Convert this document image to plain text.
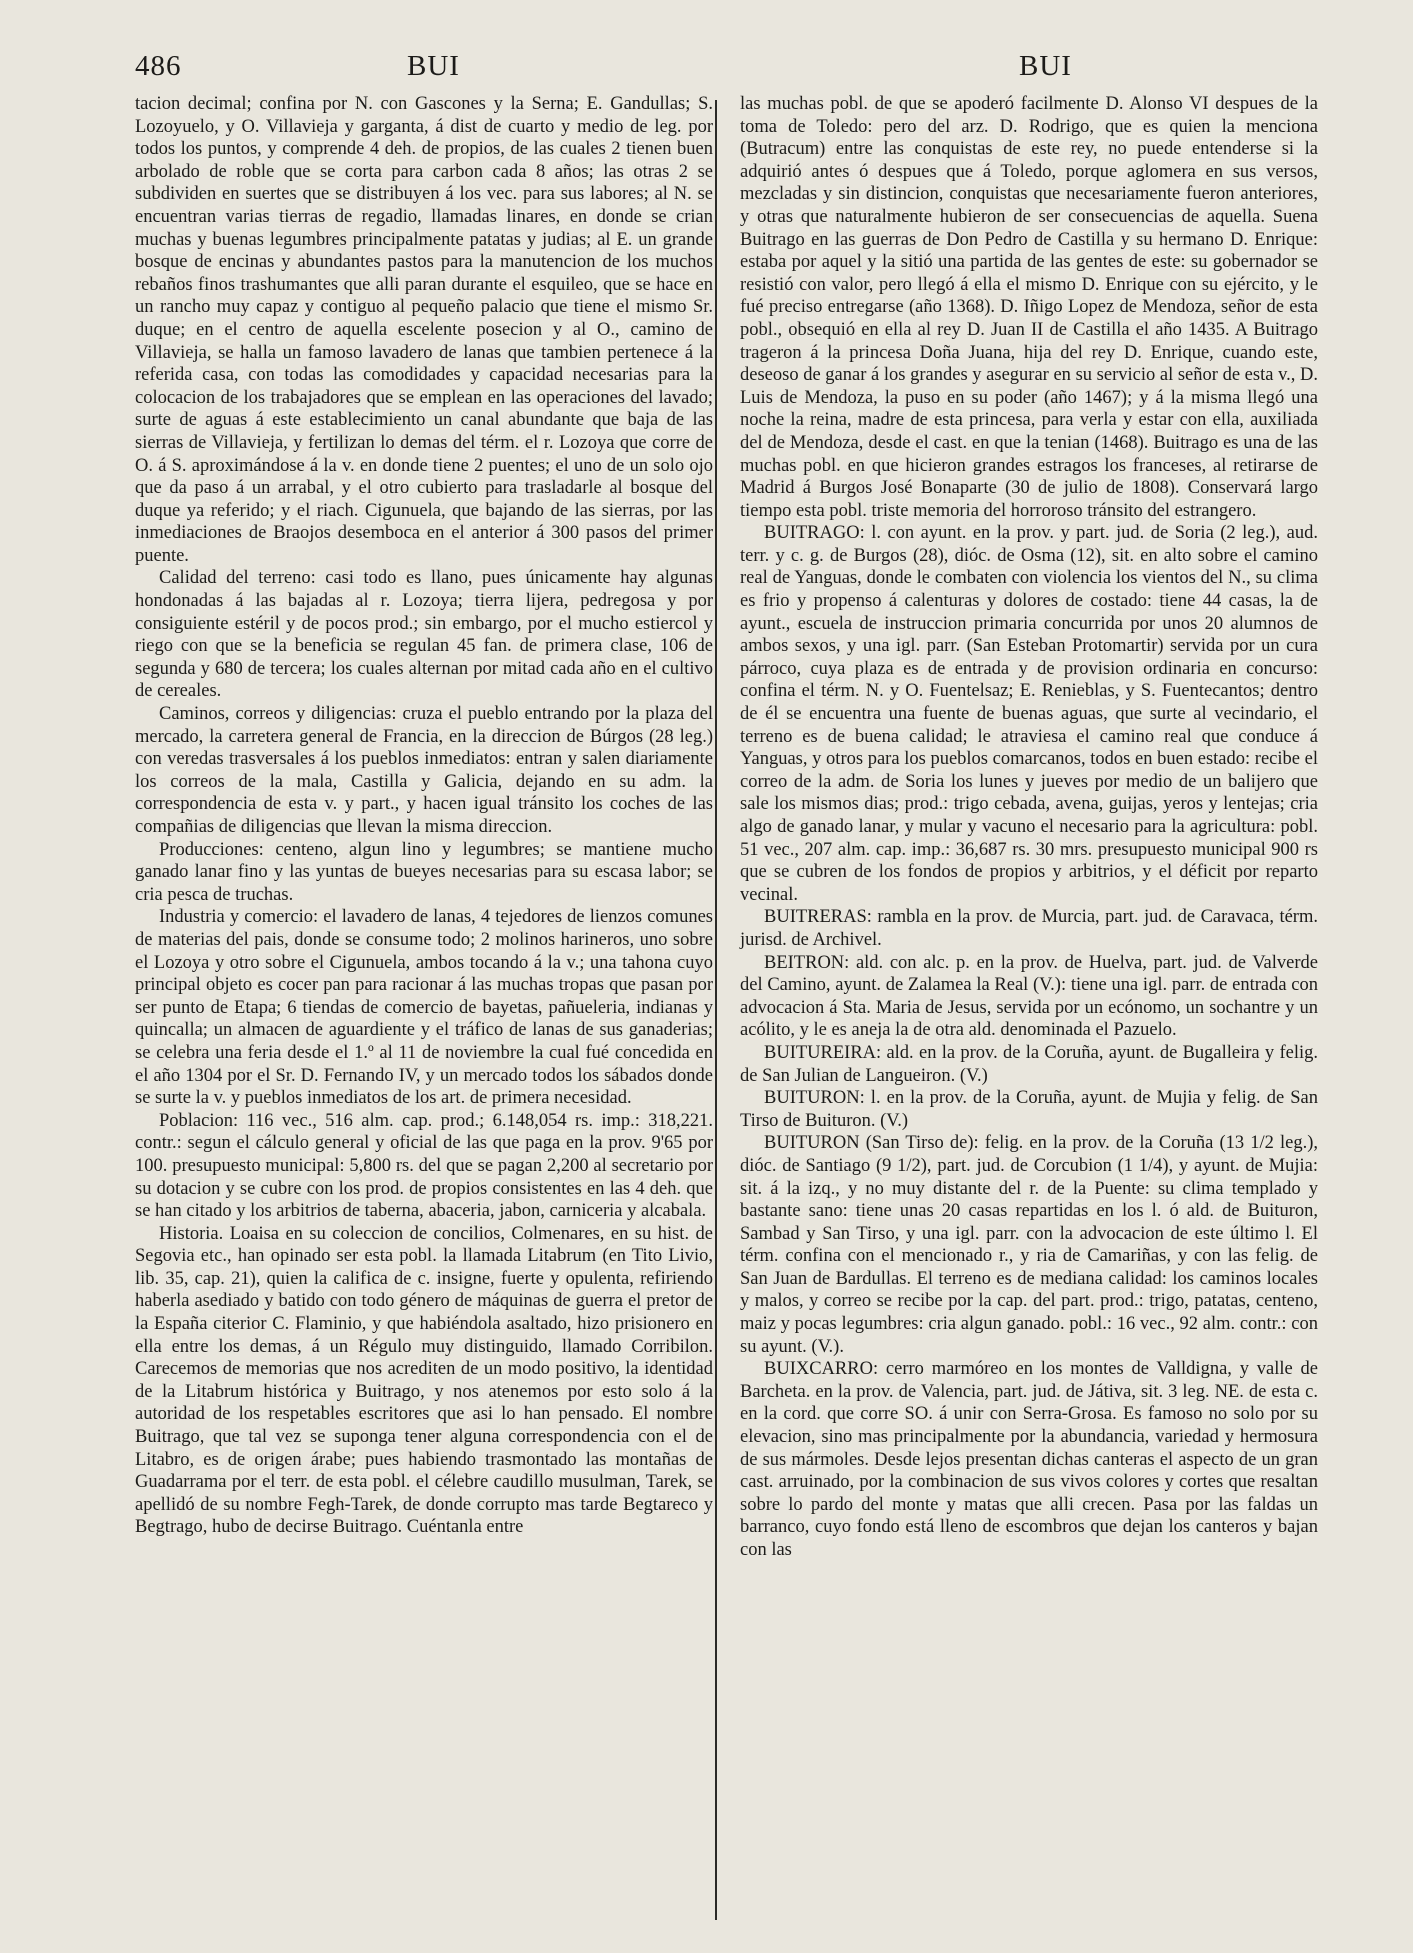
486	BUI	BUI

tacion decimal; confina por N. con Gascones y la Serna; E. Gandullas; S. Lozoyuelo, y O. Villavieja y garganta, á dist de cuarto y medio de leg. por todos los puntos, y comprende 4 deh. de propios, de las cuales 2 tienen buen arbolado de roble que se corta para carbon cada 8 años; las otras 2 se subdividen en suertes que se distribuyen á los vec. para sus labores; al N. se encuentran varias tierras de regadio, llamadas linares, en donde se crian muchas y buenas legumbres principalmente patatas y judias; al E. un grande bosque de encinas y abundantes pastos para la manutencion de los muchos rebaños finos trashumantes que alli paran durante el esquileo, que se hace en un rancho muy capaz y contiguo al pequeño palacio que tiene el mismo Sr. duque; en el centro de aquella escelente posecion y al O., camino de Villavieja, se halla un famoso lavadero de lanas que tambien pertenece á la referida casa, con todas las comodidades y capacidad necesarias para la colocacion de los trabajadores que se emplean en las operaciones del lavado; surte de aguas á este establecimiento un canal abundante que baja de las sierras de Villavieja, y fertilizan lo demas del térm. el r. Lozoya que corre de O. á S. aproximándose á la v. en donde tiene 2 puentes; el uno de un solo ojo que da paso á un arrabal, y el otro cubierto para trasladarle al bosque del duque ya referido; y el riach. Cigunuela, que bajando de las sierras, por las inmediaciones de Braojos desemboca en el anterior á 300 pasos del primer puente.

Calidad del terreno: casi todo es llano, pues únicamente hay algunas hondonadas á las bajadas al r. Lozoya; tierra lijera, pedregosa y por consiguiente estéril y de pocos prod.; sin embargo, por el mucho estiercol y riego con que se la beneficia se regulan 45 fan. de primera clase, 106 de segunda y 680 de tercera; los cuales alternan por mitad cada año en el cultivo de cereales.

Caminos, correos y diligencias: cruza el pueblo entrando por la plaza del mercado, la carretera general de Francia, en la direccion de Búrgos (28 leg.) con veredas trasversales á los pueblos inmediatos: entran y salen diariamente los correos de la mala, Castilla y Galicia, dejando en su adm. la correspondencia de esta v. y part., y hacen igual tránsito los coches de las compañias de diligencias que llevan la misma direccion.

Producciones: centeno, algun lino y legumbres; se mantiene mucho ganado lanar fino y las yuntas de bueyes necesarias para su escasa labor; se cria pesca de truchas.

Industria y comercio: el lavadero de lanas, 4 tejedores de lienzos comunes de materias del pais, donde se consume todo; 2 molinos harineros, uno sobre el Lozoya y otro sobre el Cigunuela, ambos tocando á la v.; una tahona cuyo principal objeto es cocer pan para racionar á las muchas tropas que pasan por ser punto de Etapa; 6 tiendas de comercio de bayetas, pañueleria, indianas y quincalla; un almacen de aguardiente y el tráfico de lanas de sus ganaderias; se celebra una feria desde el 1.º al 11 de noviembre la cual fué concedida en el año 1304 por el Sr. D. Fernando IV, y un mercado todos los sábados donde se surte la v. y pueblos inmediatos de los art. de primera necesidad.

Poblacion: 116 vec., 516 alm. cap. prod.; 6.148,054 rs. imp.: 318,221. contr.: segun el cálculo general y oficial de las que paga en la prov. 9'65 por 100. presupuesto municipal: 5,800 rs. del que se pagan 2,200 al secretario por su dotacion y se cubre con los prod. de propios consistentes en las 4 deh. que se han citado y los arbitrios de taberna, abaceria, jabon, carniceria y alcabala.

Historia. Loaisa en su coleccion de concilios, Colmenares, en su hist. de Segovia etc., han opinado ser esta pobl. la llamada Litabrum (en Tito Livio, lib. 35, cap. 21), quien la califica de c. insigne, fuerte y opulenta, refiriendo haberla asediado y batido con todo género de máquinas de guerra el pretor de la España citerior C. Flaminio, y que habiéndola asaltado, hizo prisionero en ella entre los demas, á un Régulo muy distinguido, llamado Corribilon. Carecemos de memorias que nos acrediten de un modo positivo, la identidad de la Litabrum histórica y Buitrago, y nos atenemos por esto solo á la autoridad de los respetables escritores que asi lo han pensado. El nombre Buitrago, que tal vez se suponga tener alguna correspondencia con el de Litabro, es de origen árabe; pues habiendo trasmontado las montañas de Guadarrama por el terr. de esta pobl. el célebre caudillo musulman, Tarek, se apellidó de su nombre Fegh-Tarek, de donde corrupto mas tarde Begtareco y Begtrago, hubo de decirse Buitrago. Cuéntanla entre

las muchas pobl. de que se apoderó facilmente D. Alonso VI despues de la toma de Toledo: pero del arz. D. Rodrigo, que es quien la menciona (Butracum) entre las conquistas de este rey, no puede entenderse si la adquirió antes ó despues que á Toledo, porque aglomera en sus versos, mezcladas y sin distincion, conquistas que necesariamente fueron anteriores, y otras que naturalmente hubieron de ser consecuencias de aquella. Suena Buitrago en las guerras de Don Pedro de Castilla y su hermano D. Enrique: estaba por aquel y la sitió una partida de las gentes de este: su gobernador se resistió con valor, pero llegó á ella el mismo D. Enrique con su ejército, y le fué preciso entregarse (año 1368). D. Iñigo Lopez de Mendoza, señor de esta pobl., obsequió en ella al rey D. Juan II de Castilla el año 1435. A Buitrago trageron á la princesa Doña Juana, hija del rey D. Enrique, cuando este, deseoso de ganar á los grandes y asegurar en su servicio al señor de esta v., D. Luis de Mendoza, la puso en su poder (año 1467); y á la misma llegó una noche la reina, madre de esta princesa, para verla y estar con ella, auxiliada del de Mendoza, desde el cast. en que la tenian (1468). Buitrago es una de las muchas pobl. en que hicieron grandes estragos los franceses, al retirarse de Madrid á Burgos José Bonaparte (30 de julio de 1808). Conservará largo tiempo esta pobl. triste memoria del horroroso tránsito del estrangero.

BUITRAGO: l. con ayunt. en la prov. y part. jud. de Soria (2 leg.), aud. terr. y c. g. de Burgos (28), dióc. de Osma (12), sit. en alto sobre el camino real de Yanguas, donde le combaten con violencia los vientos del N., su clima es frio y propenso á calenturas y dolores de costado: tiene 44 casas, la de ayunt., escuela de instruccion primaria concurrida por unos 20 alumnos de ambos sexos, y una igl. parr. (San Esteban Protomartir) servida por un cura párroco, cuya plaza es de entrada y de provision ordinaria en concurso: confina el térm. N. y O. Fuentelsaz; E. Renieblas, y S. Fuentecantos; dentro de él se encuentra una fuente de buenas aguas, que surte al vecindario, el terreno es de buena calidad; le atraviesa el camino real que conduce á Yanguas, y otros para los pueblos comarcanos, todos en buen estado: recibe el correo de la adm. de Soria los lunes y jueves por medio de un balijero que sale los mismos dias; prod.: trigo cebada, avena, guijas, yeros y lentejas; cria algo de ganado lanar, y mular y vacuno el necesario para la agricultura: pobl. 51 vec., 207 alm. cap. imp.: 36,687 rs. 30 mrs. presupuesto municipal 900 rs que se cubren de los fondos de propios y arbitrios, y el déficit por reparto vecinal.

BUITRERAS: rambla en la prov. de Murcia, part. jud. de Caravaca, térm. jurisd. de Archivel.

BEITRON: ald. con alc. p. en la prov. de Huelva, part. jud. de Valverde del Camino, ayunt. de Zalamea la Real (V.): tiene una igl. parr. de entrada con advocacion á Sta. Maria de Jesus, servida por un ecónomo, un sochantre y un acólito, y le es aneja la de otra ald. denominada el Pazuelo.

BUITUREIRA: ald. en la prov. de la Coruña, ayunt. de Bugalleira y felig. de San Julian de Langueiron. (V.)

BUITURON: l. en la prov. de la Coruña, ayunt. de Mujia y felig. de San Tirso de Buituron. (V.)

BUITURON (San Tirso de): felig. en la prov. de la Coruña (13 1/2 leg.), dióc. de Santiago (9 1/2), part. jud. de Corcubion (1 1/4), y ayunt. de Mujia: sit. á la izq., y no muy distante del r. de la Puente: su clima templado y bastante sano: tiene unas 20 casas repartidas en los l. ó ald. de Buituron, Sambad y San Tirso, y una igl. parr. con la advocacion de este último l. El térm. confina con el mencionado r., y ria de Camariñas, y con las felig. de San Juan de Bardullas. El terreno es de mediana calidad: los caminos locales y malos, y correo se recibe por la cap. del part. prod.: trigo, patatas, centeno, maiz y pocas legumbres: cria algun ganado. pobl.: 16 vec., 92 alm. contr.: con su ayunt. (V.).

BUIXCARRO: cerro marmóreo en los montes de Valldigna, y valle de Barcheta. en la prov. de Valencia, part. jud. de Játiva, sit. 3 leg. NE. de esta c. en la cord. que corre SO. á unir con Serra-Grosa. Es famoso no solo por su elevacion, sino mas principalmente por la abundancia, variedad y hermosura de sus mármoles. Desde lejos presentan dichas canteras el aspecto de un gran cast. arruinado, por la combinacion de sus vivos colores y cortes que resaltan sobre lo pardo del monte y matas que alli crecen. Pasa por las faldas un barranco, cuyo fondo está lleno de escombros que dejan los canteros y bajan con las
